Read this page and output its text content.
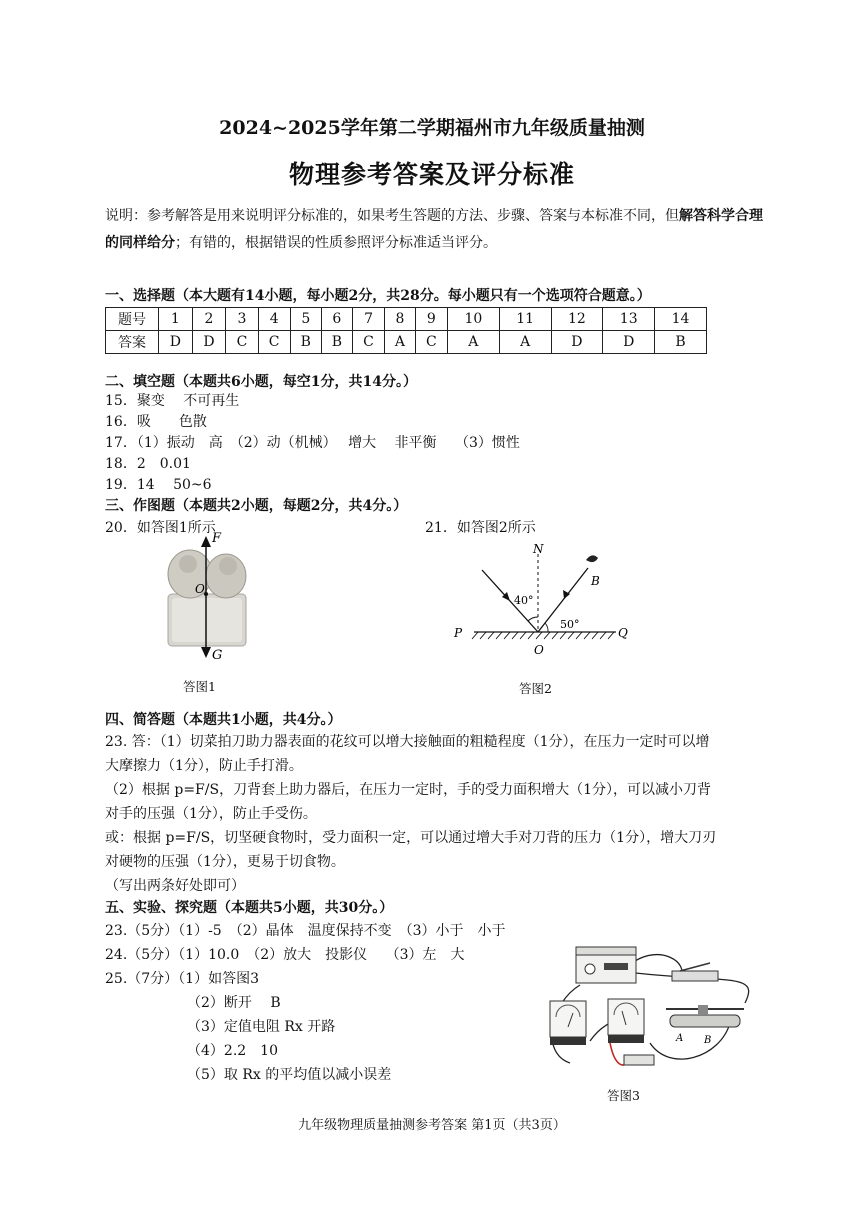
2024~2025学年第二学期福州市九年级质量抽测
物理参考答案及评分标准
说明：参考解答是用来说明评分标准的，如果考生答题的方法、步骤、答案与本标准不同，但解答科学合理的同样给分；有错的，根据错误的性质参照评分标准适当评分。
一、选择题（本大题有14小题，每小题2分，共28分。每小题只有一个选项符合题意。）
题号	1	2	3	4	5	6	7	8	9	10	11	12	13	14
答案	D	D	C	C	B	B	C	A	C	A	A	D	D	B
二、填空题（本题共6小题，每空1分，共14分。）
15．聚变　 不可再生
16．吸　　色散
17．（1）振动　高　（2）动（机械）　 增大　 非平衡　 （3）惯性
18．2　0.01
19．14　 50~6
三、作图题（本题共2小题，每题2分，共4分。）
20．如答图1所示	21．如答图2所示
F
O
G
答图1
N
B
40°
50°
P	Q
O
答图2
四、简答题（本题共1小题，共4分。）
23. 答：（1）切菜拍刀助力器表面的花纹可以增大接触面的粗糙程度（1分），在压力一定时可以增
大摩擦力（1分），防止手打滑。
（2）根据 p=F/S，刀背套上助力器后，在压力一定时，手的受力面积增大（1分），可以减小刀背
对手的压强（1分），防止手受伤。
或：根据 p=F/S，切坚硬食物时，受力面积一定，可以通过增大手对刀背的压力（1分），增大刀刃
对硬物的压强（1分），更易于切食物。
（写出两条好处即可）
五、实验、探究题（本题共5小题，共30分。）
23.（5分）（1）-5　（2）晶体　温度保持不变　（3）小于　小于
24.（5分）（1）10.0　（2）放大　投影仪　 （3）左　大
25.（7分）（1）如答图3
（2）断开　 B
（3）定值电阻 Rx 开路
（4）2.2　10
（5）取 Rx 的平均值以减小误差
A B
答图3
九年级物理质量抽测参考答案 第1页（共3页）
